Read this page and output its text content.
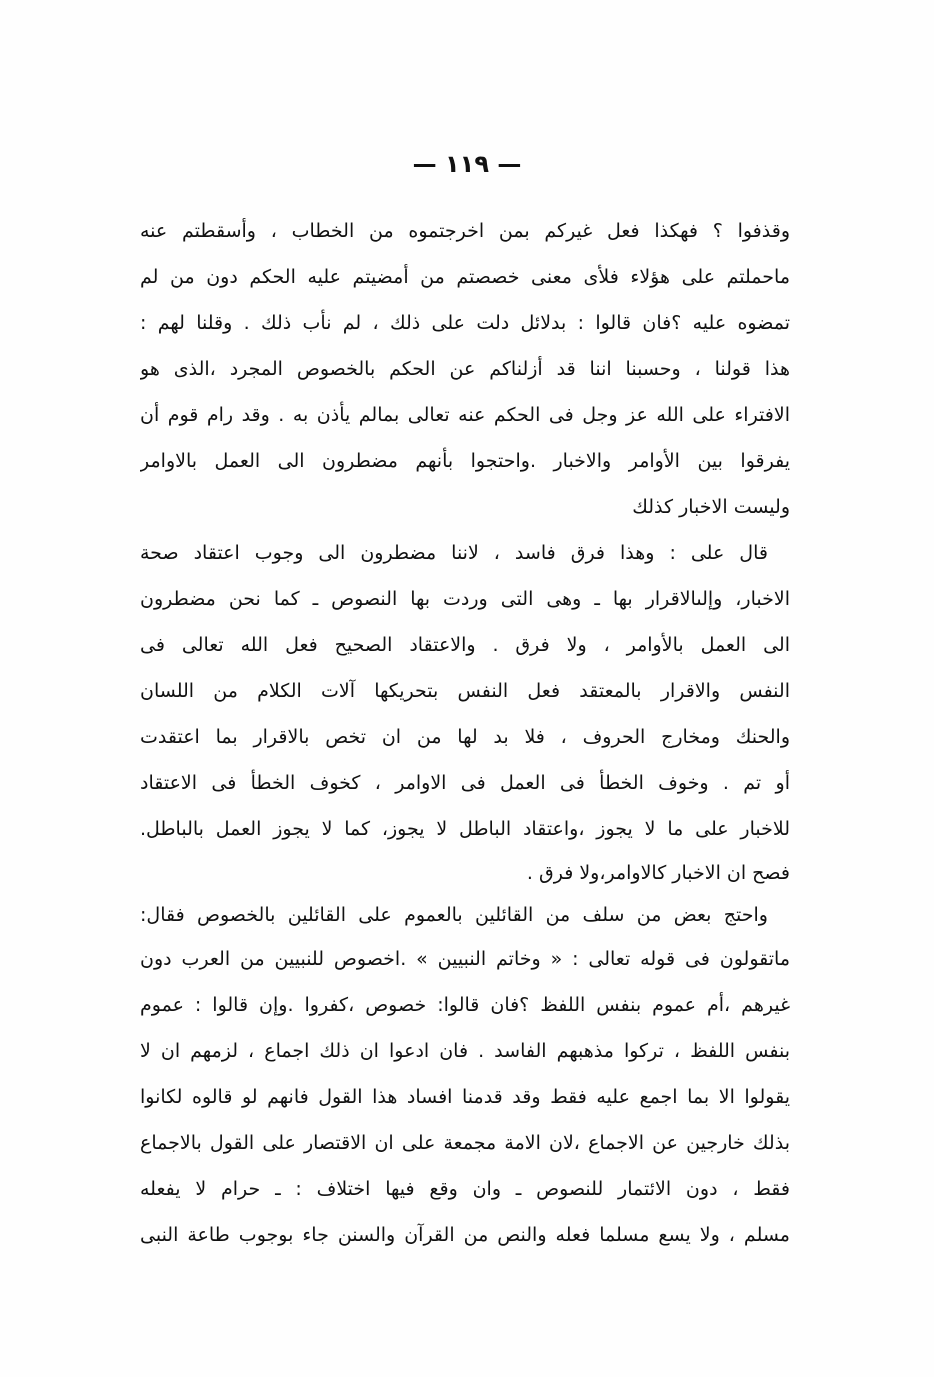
— ١١٩ —
وقذفوا ؟ فهكذا فعل غيركم بمن اخرجتموه من الخطاب ، وأسقطتم عنه
ماحملتم على هؤلاء فلأى معنى خصصتم من أمضيتم عليه الحكم دون من لم
تمضوه عليه ؟فان قالوا : بدلائل دلت على ذلك ، لم نأب ذلك . وقلنا لهم :
هذا قولنا ، وحسبنا اننا قد أزلناكم عن الحكم بالخصوص المجرد ،الذى هو
الافتراء على الله عز وجل فى الحكم عنه تعالى بمالم يأذن به . وقد رام قوم أن
يفرقوا بين الأوامر والاخبار .واحتجوا بأنهم مضطرون الى العمل بالاوامر
وليست الاخبار كذلك
قال على : وهذا فرق فاسد ، لاننا مضطرون الى وجوب اعتقاد صحة
الاخبار، وإلىالاقرار بها ـ وهى التى وردت بها النصوص ـ كما نحن مضطرون
الى العمل بالأوامر ، ولا فرق . والاعتقاد الصحيح فعل الله تعالى فى
النفس والاقرار بالمعتقد فعل النفس بتحريكها آلات الكلام من اللسان
والحنك ومخارج الحروف ، فلا بد لها من ان تخص بالاقرار بما اعتقدت
أو تم . وخوف الخطأ فى العمل فى الاوامر ، كخوف الخطأ فى الاعتقاد
للاخبار على ما لا يجوز ،واعتقاد الباطل لا يجوز، كما لا يجوز العمل بالباطل.
فصح ان الاخبار كالاوامر،ولا فرق .
واحتج بعض من سلف من القائلين بالعموم على القائلين بالخصوص فقال:
ماتقولون فى قوله تعالى : « وخاتم النبيين » .اخصوص للنبيين من العرب دون
غيرهم ،أم عموم بنفس اللفظ ؟فان قالوا: خصوص ،كفروا .وإن قالوا : عموم
بنفس اللفظ ، تركوا مذهبهم الفاسد . فان ادعوا ان ذلك اجماع ، لزمهم ان لا
يقولوا الا بما اجمع عليه فقط وقد قدمنا افساد هذا القول فانهم لو قالوه لكانوا
بذلك خارجين عن الاجماع ،لان الامة مجمعة على ان الاقتصار على القول بالاجماع
فقط ، دون الائتمار للنصوص ـ وان وقع فيها اختلاف : ـ حرام لا يفعله
مسلم ، ولا يسع مسلما فعله والنص من القرآن والسنن جاء بوجوب طاعة النبى
